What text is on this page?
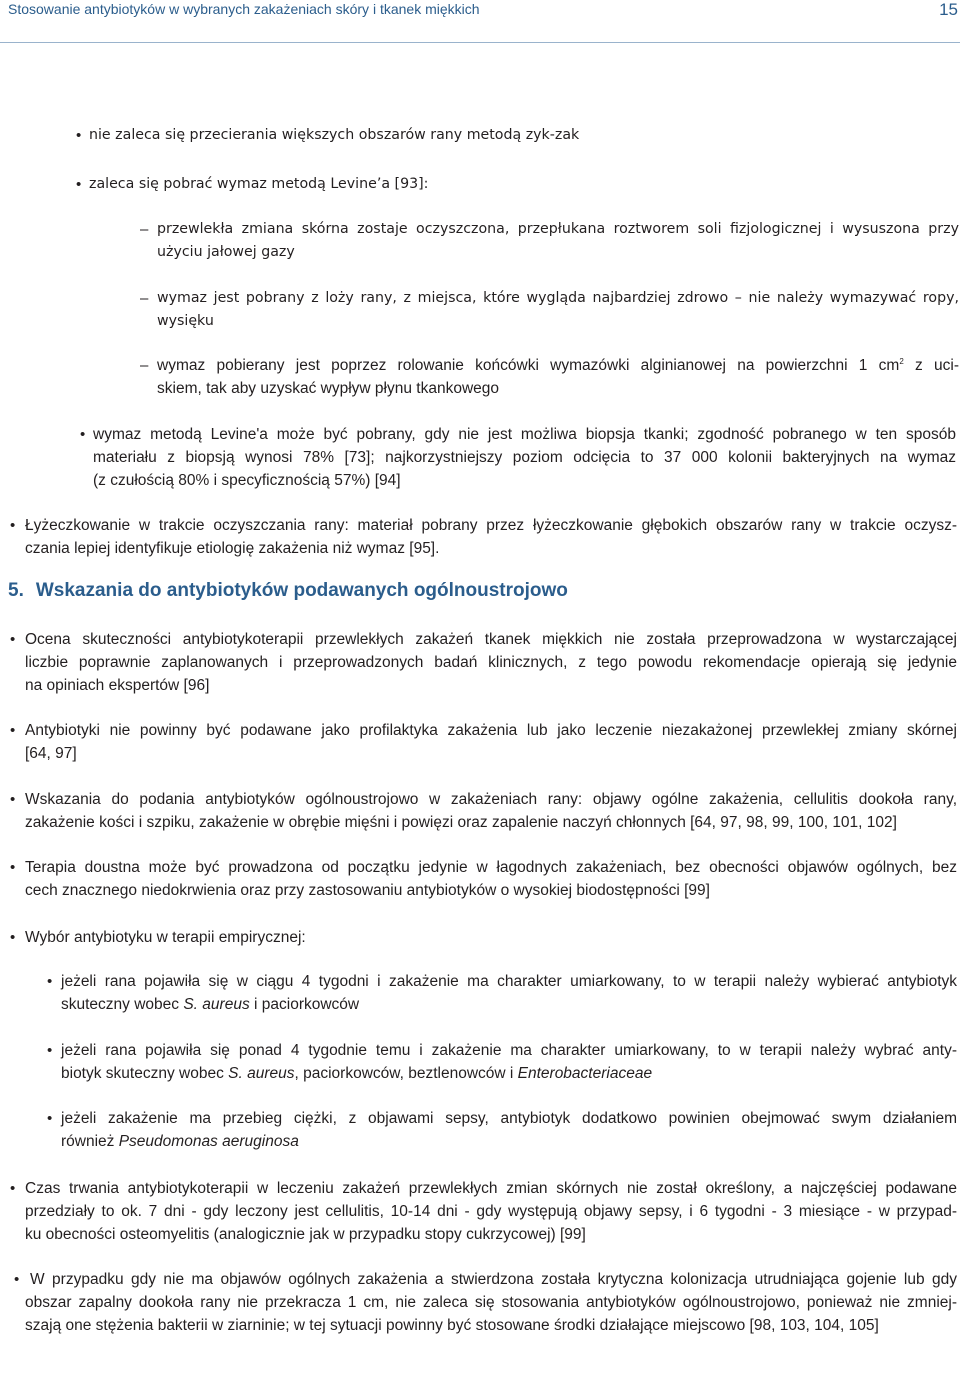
Stosowanie antybiotyków w wybranych zakażeniach skóry i tkanek miękkich	15
• nie zaleca się przecierania większych obszarów rany metodą zyk-zak

• zaleca się pobrać wymaz metodą Levine’a [93]:

– przewlekła zmiana skórna zostaje oczyszczona, przepłukana roztworem soli fizjologicznej i wysuszona przy

użyciu jałowej gazy

– wymaz jest pobrany z loży rany, z miejsca, które wygląda najbardziej zdrowo – nie należy wymazywać ropy,

wysięku

– wymaz pobierany jest poprzez rolowanie końcówki wymazówki alginianowej na powierzchni 1 $cm^2$ z uci-

skiem, tak aby uzyskać wypływ płynu tkankowego

• wymaz metodą Levine'a może być pobrany, gdy nie jest możliwa biopsja tkanki; zgodność pobranego w ten sposób

materiału z biopsją wynosi 78% [73]; najkorzystniejszy poziom odcięcia to 37 000 kolonii bakteryjnych na wymaz

(z czułością 80% i specyficznością 57%) [94]

• Łyżeczkowanie w trakcie oczyszczania rany: materiał pobrany przez łyżeczkowanie głębokich obszarów rany w trakcie oczysz-

czania lepiej identyfikuje etiologię zakażenia niż wymaz [95].

5. Wskazania do antybiotyków podawanych ogólnoustrojowo
• Ocena skuteczności antybiotykoterapii przewlekłych zakażeń tkanek miękkich nie została przeprowadzona w wystarczającej

liczbie poprawnie zaplanowanych i przeprowadzonych badań klinicznych, z tego powodu rekomendacje opierają się jedynie

na opiniach ekspertów [96]

• Antybiotyki nie powinny być podawane jako profilaktyka zakażenia lub jako leczenie niezakażonej przewlekłej zmiany skórnej

[64, 97]

• Wskazania do podania antybiotyków ogólnoustrojowo w zakażeniach rany: objawy ogólne zakażenia, cellulitis dookoła rany,

zakażenie kości i szpiku, zakażenie w obrębie mięśni i powięzi oraz zapalenie naczyń chłonnych [64, 97, 98, 99, 100, 101, 102]

• Terapia doustna może być prowadzona od początku jedynie w łagodnych zakażeniach, bez obecności objawów ogólnych, bez

cech znacznego niedokrwienia oraz przy zastosowaniu antybiotyków o wysokiej biodostępności [99]

• Wybór antybiotyku w terapii empirycznej:

• jeżeli rana pojawiła się w ciągu 4 tygodni i zakażenie ma charakter umiarkowany, to w terapii należy wybierać antybiotyk

skuteczny wobec S. aureus i paciorkowców

• jeżeli rana pojawiła się ponad 4 tygodnie temu i zakażenie ma charakter umiarkowany, to w terapii należy wybrać anty-

biotyk skuteczny wobec S. aureus, paciorkowców, beztlenowców i Enterobacteriaceae

• jeżeli zakażenie ma przebieg ciężki, z objawami sepsy, antybiotyk dodatkowo powinien obejmować swym działaniem

również Pseudomonas aeruginosa

• Czas trwania antybiotykoterapii w leczeniu zakażeń przewlekłych zmian skórnych nie został określony, a najczęściej podawane

przedziały to ok. 7 dni - gdy leczony jest cellulitis, 10-14 dni - gdy występują objawy sepsy, i 6 tygodni - 3 miesiące - w przypad-

ku obecności osteomyelitis (analogicznie jak w przypadku stopy cukrzycowej) [99]

• W przypadku gdy nie ma objawów ogólnych zakażenia a stwierdzona została krytyczna kolonizacja utrudniająca gojenie lub gdy

obszar zapalny dookoła rany nie przekracza 1 cm, nie zaleca się stosowania antybiotyków ogólnoustrojowo, ponieważ nie zmniej-

szają one stężenia bakterii w ziarninie; w tej sytuacji powinny być stosowane środki działające miejscowo [98, 103, 104, 105]
